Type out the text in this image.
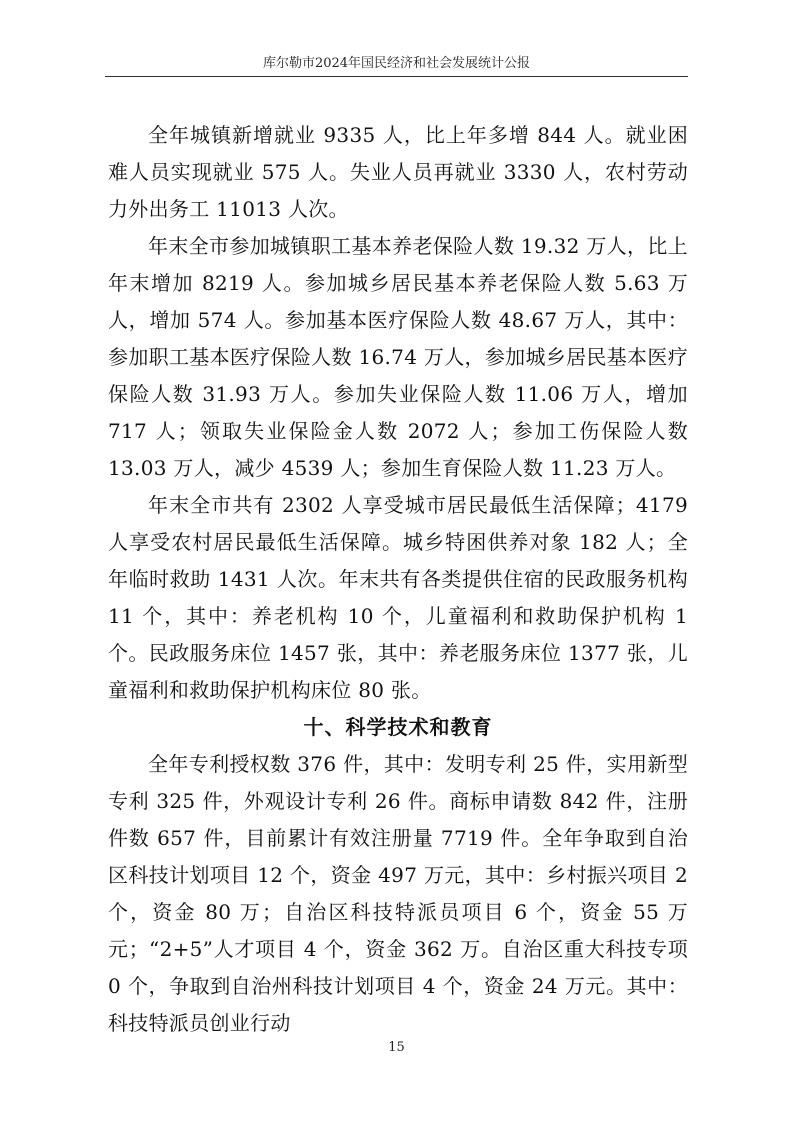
库尔勒市2024年国民经济和社会发展统计公报

全年城镇新增就业 9335 人，比上年多增 844 人。就业困难人员实现就业 575 人。失业人员再就业 3330 人，农村劳动力外出务工 11013 人次。

年末全市参加城镇职工基本养老保险人数 19.32 万人，比上年末增加 8219 人。参加城乡居民基本养老保险人数 5.63 万人，增加 574 人。参加基本医疗保险人数 48.67 万人，其中：参加职工基本医疗保险人数 16.74 万人，参加城乡居民基本医疗保险人数 31.93 万人。参加失业保险人数 11.06 万人，增加 717 人；领取失业保险金人数 2072 人；参加工伤保险人数 13.03 万人，减少 4539 人；参加生育保险人数 11.23 万人。

年末全市共有 2302 人享受城市居民最低生活保障；4179 人享受农村居民最低生活保障。城乡特困供养对象 182 人；全年临时救助 1431 人次。年末共有各类提供住宿的民政服务机构 11 个，其中：养老机构 10 个，儿童福利和救助保护机构 1 个。民政服务床位 1457 张，其中：养老服务床位 1377 张，儿童福利和救助保护机构床位 80 张。

十、科学技术和教育

全年专利授权数 376 件，其中：发明专利 25 件，实用新型专利 325 件，外观设计专利 26 件。商标申请数 842 件，注册件数 657 件，目前累计有效注册量 7719 件。全年争取到自治区科技计划项目 12 个，资金 497 万元，其中：乡村振兴项目 2 个，资金 80 万；自治区科技特派员项目 6 个，资金 55 万元；“2+5”人才项目 4 个，资金 362 万。自治区重大科技专项 0 个，争取到自治州科技计划项目 4 个，资金 24 万元。其中：科技特派员创业行动

15
